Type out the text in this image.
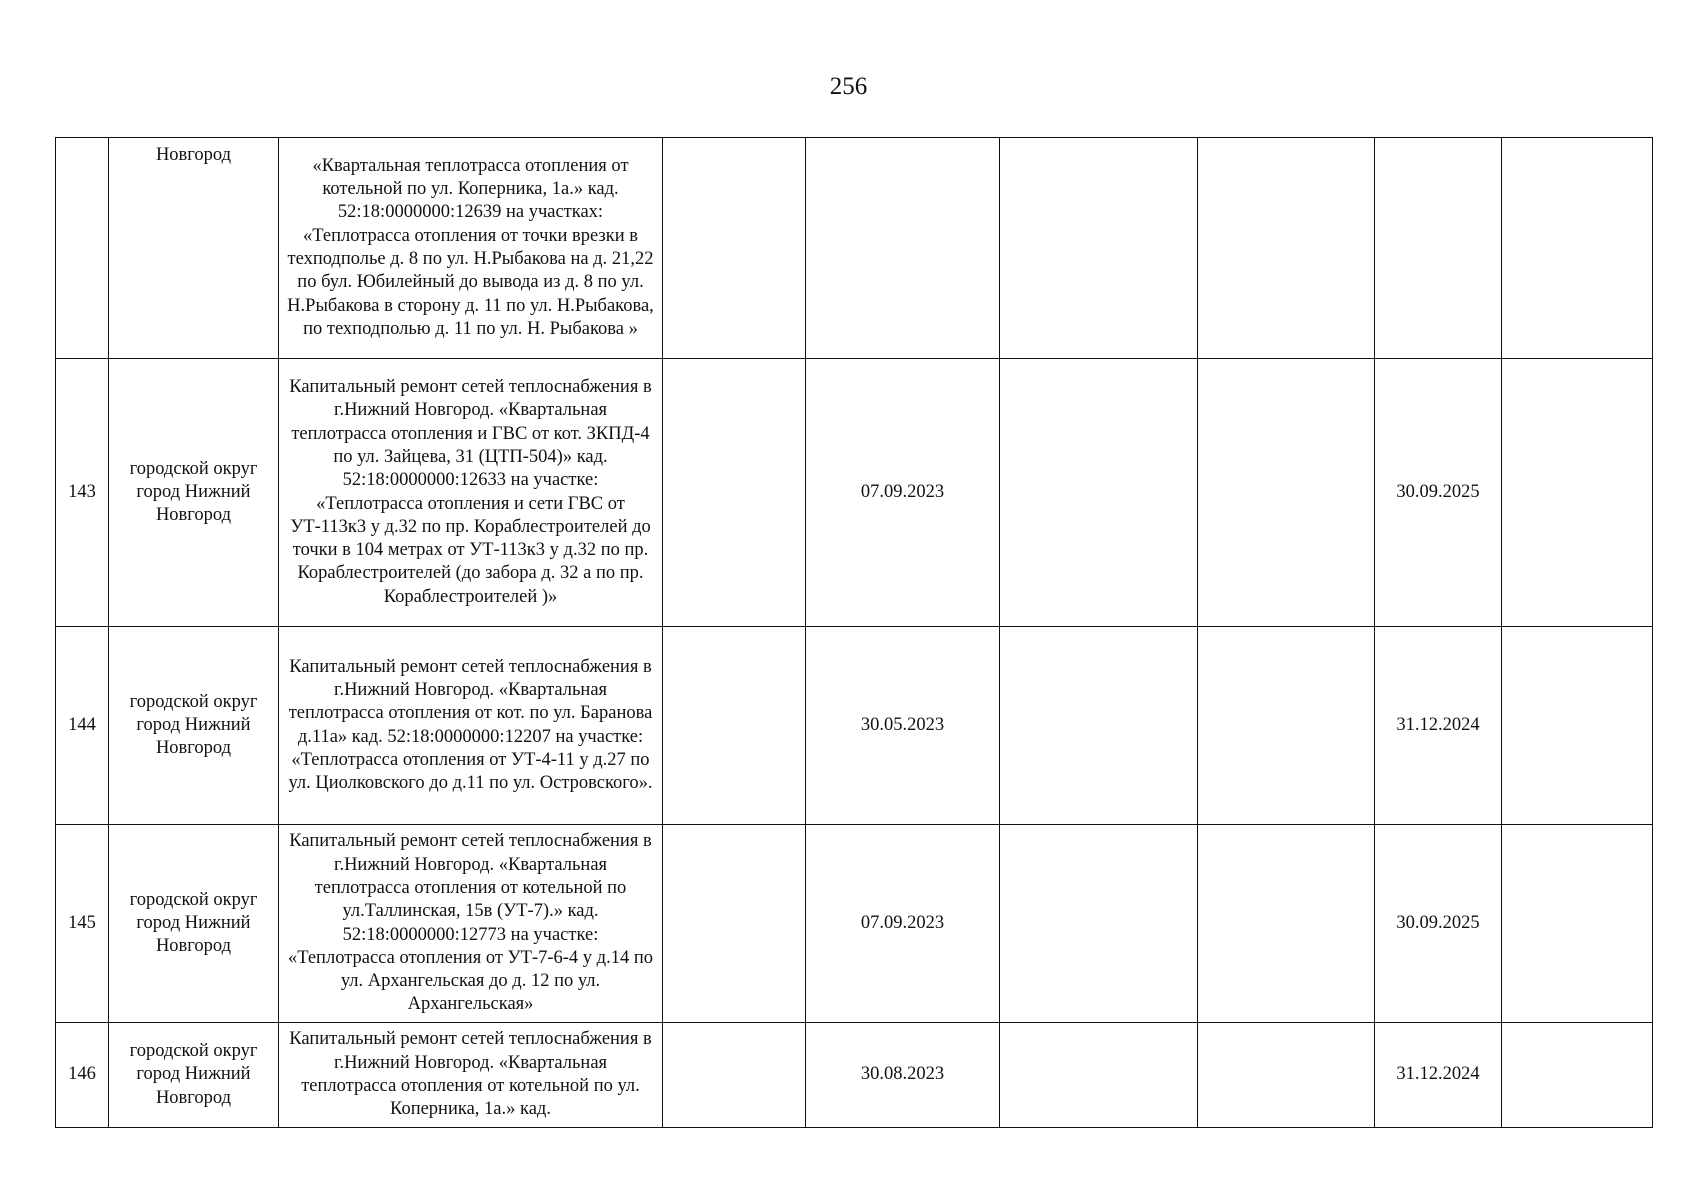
256
	Новгород	«Квартальная теплотрасса отопления от котельной по ул. Коперника, 1а.» кад. 52:18:0000000:12639 на участках: «Теплотрасса отопления от точки врезки в техподполье д. 8 по ул. Н.Рыбакова на д. 21,22 по бул. Юбилейный до вывода из д. 8 по ул. Н.Рыбакова в сторону д. 11 по ул. Н.Рыбакова, по техподполью д. 11 по ул. Н. Рыбакова »						
143	городской округ город Нижний Новгород	Капитальный ремонт сетей теплоснабжения в г.Нижний Новгород. «Квартальная теплотрасса отопления и ГВС от кот. ЗКПД-4 по ул. Зайцева, 31 (ЦТП-504)» кад. 52:18:0000000:12633 на участке: «Теплотрасса отопления и сети ГВС от УТ-113к3 у д.32 по пр. Кораблестроителей до точки в 104 метрах от УТ-113к3 у д.32 по пр. Кораблестроителей (до забора д. 32 а по пр. Кораблестроителей )»		07.09.2023			30.09.2025	
144	городской округ город Нижний Новгород	Капитальный ремонт сетей теплоснабжения в г.Нижний Новгород. «Квартальная теплотрасса отопления от кот. по ул. Баранова д.11а» кад. 52:18:0000000:12207 на участке: «Теплотрасса отопления от УТ-4-11 у д.27 по ул. Циолковского до д.11 по ул. Островского».		30.05.2023			31.12.2024	
145	городской округ город Нижний Новгород	Капитальный ремонт сетей теплоснабжения в г.Нижний Новгород. «Квартальная теплотрасса отопления от котельной по ул.Таллинская, 15в (УТ-7).» кад. 52:18:0000000:12773 на участке: «Теплотрасса отопления от УТ-7-6-4 у д.14 по ул. Архангельская до д. 12 по ул. Архангельская»		07.09.2023			30.09.2025	
146	городской округ город Нижний Новгород	Капитальный ремонт сетей теплоснабжения в г.Нижний Новгород. «Квартальная теплотрасса отопления от котельной по ул. Коперника, 1а.» кад.		30.08.2023			31.12.2024	
